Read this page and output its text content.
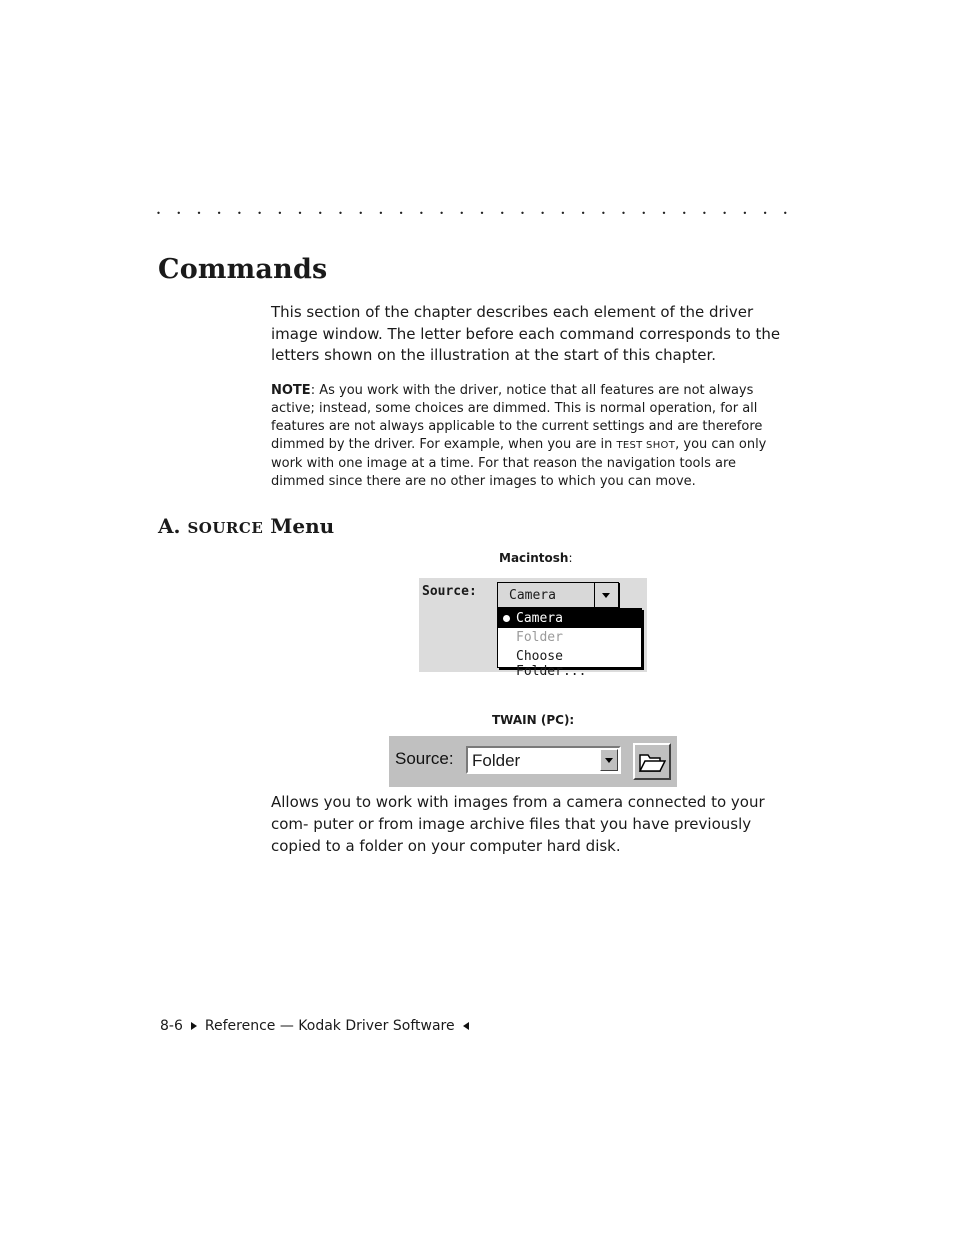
. . . . . . . . . . . . . . . . . . . . . . . . . . . . . . . .
Commands

This section of the chapter describes each element of the driver image window. The letter before each command corresponds to the letters shown on the illustration at the start of this chapter.

NOTE: As you work with the driver, notice that all features are not always active; instead, some choices are dimmed. This is normal operation, for all features are not always applicable to the current settings and are therefore dimmed by the driver. For example, when you are in TEST SHOT, you can only work with one image at a time. For that reason the navigation tools are dimmed since there are no other images to which you can move.

A. SOURCE Menu

Macintosh:

Source: Camera
Camera
Folder
Choose Folder...

TWAIN (PC):

Source: Folder

Allows you to work with images from a camera connected to your com- puter or from image archive files that you have previously copied to a folder on your computer hard disk.

8-6 Reference — Kodak Driver Software
